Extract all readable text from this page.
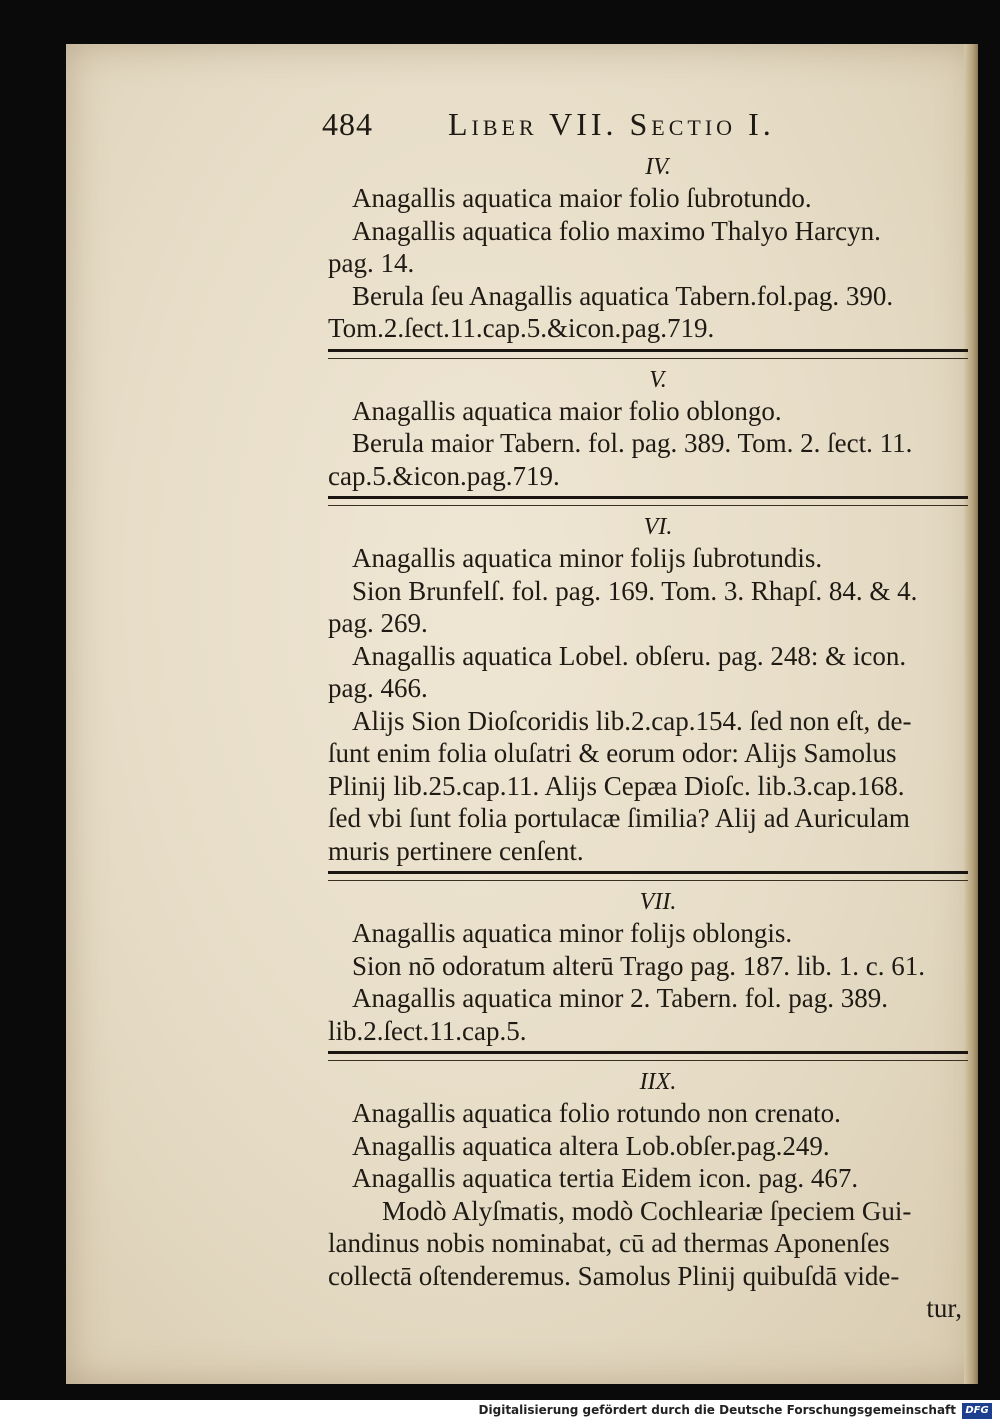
484 Liber VII. Sectio I.
IV.
Anagallis aquatica maior folio ſubrotundo.
Anagallis aquatica folio maximo Thalyo Harcyn.
pag. 14.
Berula ſeu Anagallis aquatica Tabern.fol.pag. 390.
Tom.2.ſect.11.cap.5.&icon.pag.719.
V.
Anagallis aquatica maior folio oblongo.
Berula maior Tabern. fol. pag. 389. Tom. 2. ſect. 11.
cap.5.&icon.pag.719.
VI.
Anagallis aquatica minor folijs ſubrotundis.
Sion Brunfelſ. fol. pag. 169. Tom. 3. Rhapſ. 84. & 4.
pag. 269.
Anagallis aquatica Lobel. obſeru. pag. 248: & icon.
pag. 466.
Alijs Sion Dioſcoridis lib.2.cap.154. ſed non eſt, de-
ſunt enim folia oluſatri & eorum odor: Alijs Samolus
Plinij lib.25.cap.11. Alijs Cepæa Dioſc. lib.3.cap.168.
ſed vbi ſunt folia portulacæ ſimilia? Alij ad Auriculam
muris pertinere cenſent.
VII.
Anagallis aquatica minor folijs oblongis.
Sion nō odoratum alterū Trago pag. 187. lib. 1. c. 61.
Anagallis aquatica minor 2. Tabern. fol. pag. 389.
lib.2.ſect.11.cap.5.
IIX.
Anagallis aquatica folio rotundo non crenato.
Anagallis aquatica altera Lob.obſer.pag.249.
Anagallis aquatica tertia Eidem icon. pag. 467.
Modò Alyſmatis, modò Cochleariæ ſpeciem Gui-
landinus nobis nominabat, cū ad thermas Aponenſes
collectā oſtenderemus. Samolus Plinij quibuſdā vide-
tur,
Digitalisierung gefördert durch die Deutsche Forschungsgemeinschaft DFG
